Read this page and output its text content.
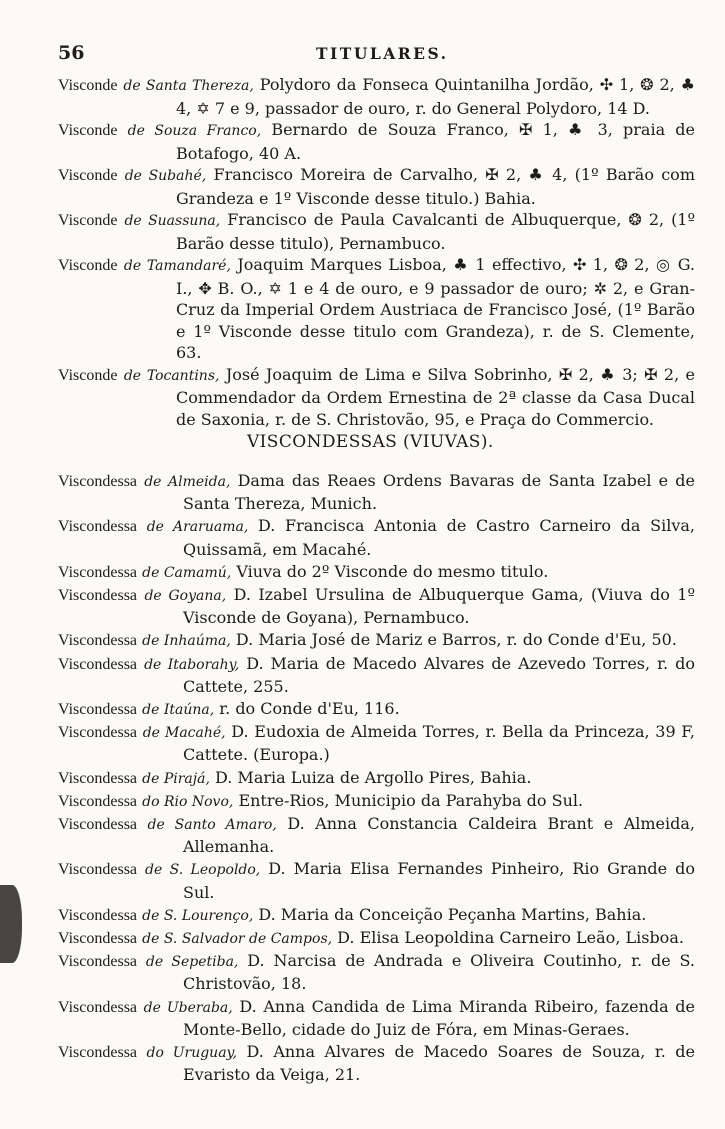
56	TITULARES.

Visconde de Santa Thereza, Polydoro da Fonseca Quintanilha Jordão, ✣ 1, ❂ 2, ♣ 4, ✡ 7 e 9, passador de ouro, r. do General Polydoro, 14 D.

Visconde de Souza Franco, Bernardo de Souza Franco, ✠ 1, ♣ 3, praia de Botafogo, 40 A.

Visconde de Subahé, Francisco Moreira de Carvalho, ✠ 2, ♣ 4, (1º Barão com Grandeza e 1º Visconde desse titulo.) Bahia.

Visconde de Suassuna, Francisco de Paula Cavalcanti de Albuquerque, ❂ 2, (1º Barão desse titulo), Pernambuco.

Visconde de Tamandaré, Joaquim Marques Lisboa, ♣ 1 effectivo, ✣ 1, ❂ 2, ◎ G. I., ✥ B. O., ✡ 1 e 4 de ouro, e 9 passador de ouro; ✲ 2, e Gran-Cruz da Imperial Ordem Austriaca de Francisco José, (1º Barão e 1º Visconde desse titulo com Grandeza), r. de S. Clemente, 63.

Visconde de Tocantins, José Joaquim de Lima e Silva Sobrinho, ✠ 2, ♣ 3; ✠ 2, e Commendador da Ordem Ernestina de 2ª classe da Casa Ducal de Saxonia, r. de S. Christovão, 95, e Praça do Commercio.

VISCONDESSAS (VIUVAS).

Viscondessa de Almeida, Dama das Reaes Ordens Bavaras de Santa Izabel e de Santa Thereza, Munich.

Viscondessa de Araruama, D. Francisca Antonia de Castro Carneiro da Silva, Quissamã, em Macahé.

Viscondessa de Camamú, Viuva do 2º Visconde do mesmo titulo.

Viscondessa de Goyana, D. Izabel Ursulina de Albuquerque Gama, (Viuva do 1º Visconde de Goyana), Pernambuco.

Viscondessa de Inhaúma, D. Maria José de Mariz e Barros, r. do Conde d'Eu, 50.

Viscondessa de Itaborahy, D. Maria de Macedo Alvares de Azevedo Torres, r. do Cattete, 255.

Viscondessa de Itaúna, r. do Conde d'Eu, 116.

Viscondessa de Macahé, D. Eudoxia de Almeida Torres, r. Bella da Princeza, 39 F, Cattete. (Europa.)

Viscondessa de Pirajá, D. Maria Luiza de Argollo Pires, Bahia.

Viscondessa do Rio Novo, Entre-Rios, Municipio da Parahyba do Sul.

Viscondessa de Santo Amaro, D. Anna Constancia Caldeira Brant e Almeida, Allemanha.

Viscondessa de S. Leopoldo, D. Maria Elisa Fernandes Pinheiro, Rio Grande do Sul.

Viscondessa de S. Lourenço, D. Maria da Conceição Peçanha Martins, Bahia.

Viscondessa de S. Salvador de Campos, D. Elisa Leopoldina Carneiro Leão, Lisboa.

Viscondessa de Sepetiba, D. Narcisa de Andrada e Oliveira Coutinho, r. de S. Christovão, 18.

Viscondessa de Uberaba, D. Anna Candida de Lima Miranda Ribeiro, fazenda de Monte-Bello, cidade do Juiz de Fóra, em Minas-Geraes.

Viscondessa do Uruguay, D. Anna Alvares de Macedo Soares de Souza, r. de Evaristo da Veiga, 21.
